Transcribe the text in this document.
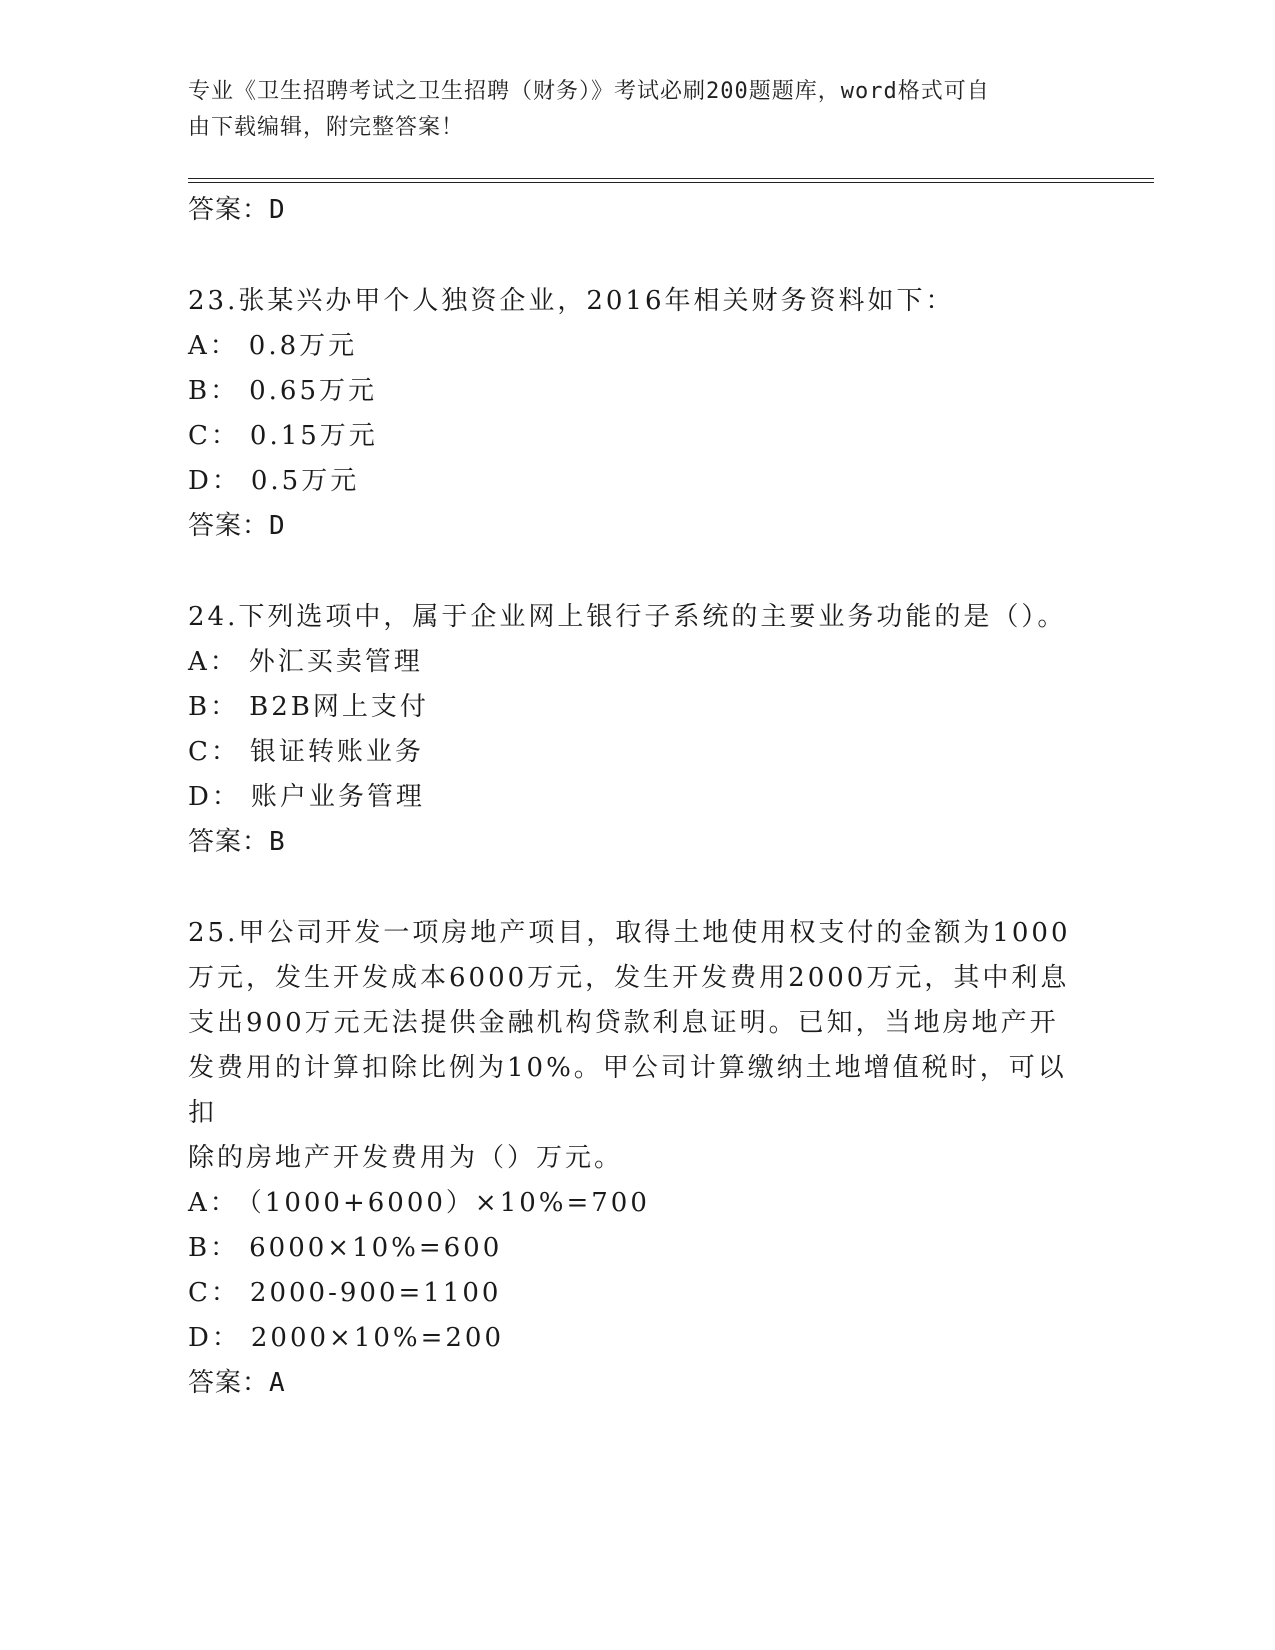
专业《卫生招聘考试之卫生招聘（财务）》考试必刷200题题库，word格式可自
由下载编辑，附完整答案！
答案：D
23.张某兴办甲个人独资企业，2016年相关财务资料如下：
A： 0.8万元
B： 0.65万元
C： 0.15万元
D： 0.5万元
答案：D
24.下列选项中，属于企业网上银行子系统的主要业务功能的是（）。
A： 外汇买卖管理
B： B2B网上支付
C： 银证转账业务
D： 账户业务管理
答案：B
25.甲公司开发一项房地产项目，取得土地使用权支付的金额为1000
万元，发生开发成本6000万元，发生开发费用2000万元，其中利息
支出900万元无法提供金融机构贷款利息证明。已知，当地房地产开
发费用的计算扣除比例为10%。甲公司计算缴纳土地增值税时，可以扣
除的房地产开发费用为（）万元。
A： （1000+6000）×10%=700
B： 6000×10%=600
C： 2000-900=1100
D： 2000×10%=200
答案：A
